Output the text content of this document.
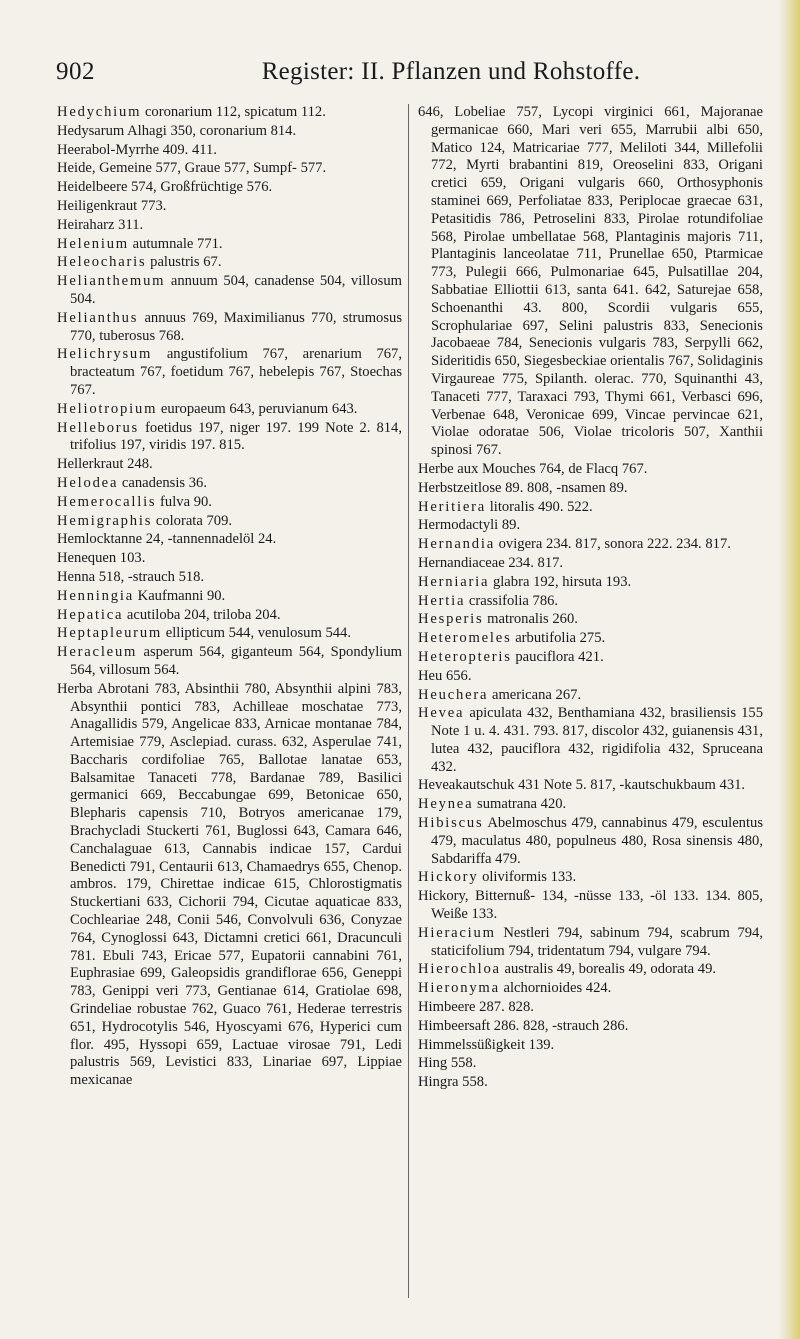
902	Register: II. Pflanzen und Rohstoffe.
Hedychium coronarium 112, spicatum 112.
Hedysarum Alhagi 350, coronarium 814.
Heerabol-Myrrhe 409. 411.
Heide, Gemeine 577, Graue 577, Sumpf- 577.
Heidelbeere 574, Großfrüchtige 576.
Heiligenkraut 773.
Heiraharz 311.
Helenium autumnale 771.
Heleocharis palustris 67.
Helianthemum annuum 504, canadense 504, villosum 504.
Helianthus annuus 769, Maximilianus 770, strumosus 770, tuberosus 768.
Helichrysum angustifolium 767, arenarium 767, bracteatum 767, foetidum 767, hebelepis 767, Stoechas 767.
Heliotropium europaeum 643, peruvianum 643.
Helleborus foetidus 197, niger 197. 199 Note 2. 814, trifolius 197, viridis 197. 815.
Hellerkraut 248.
Helodea canadensis 36.
Hemerocallis fulva 90.
Hemigraphis colorata 709.
Hemlocktanne 24, -tannennadelöl 24.
Henequen 103.
Henna 518, -strauch 518.
Henningia Kaufmanni 90.
Hepatica acutiloba 204, triloba 204.
Heptapleurum ellipticum 544, venulosum 544.
Heracleum asperum 564, giganteum 564, Spondylium 564, villosum 564.
Herba Abrotani 783, Absinthii 780, Absynthii alpini 783, Absynthii pontici 783, Achilleae moschatae 773, Anagallidis 579, Angelicae 833, Arnicae montanae 784, Artemisiae 779, Asclepiad. curass. 632, Asperulae 741, Baccharis cordifoliae 765, Ballotae lanatae 653, Balsamitae Tanaceti 778, Bardanae 789, Basilici germanici 669, Beccabungae 699, Betonicae 650, Blepharis capensis 710, Botryos americanae 179, Brachycladi Stuckerti 761, Buglossi 643, Camara 646, Canchalaguae 613, Cannabis indicae 157, Cardui Benedicti 791, Centaurii 613, Chamaedrys 655, Chenop. ambros. 179, Chirettae indicae 615, Chlorostigmatis Stuckertiani 633, Cichorii 794, Cicutae aquaticae 833, Cochleariae 248, Conii 546, Convolvuli 636, Conyzae 764, Cynoglossi 643, Dictamni cretici 661, Dracunculi 781. Ebuli 743, Ericae 577, Eupatorii cannabini 761, Euphrasiae 699, Galeopsidis grandiflorae 656, Geneppi 783, Genippi veri 773, Gentianae 614, Gratiolae 698, Grindeliae robustae 762, Guaco 761, Hederae terrestris 651, Hydrocotylis 546, Hyoscyami 676, Hyperici cum flor. 495, Hyssopi 659, Lactuae virosae 791, Ledi palustris 569, Levistici 833, Linariae 697, Lippiae mexicanae
646, Lobeliae 757, Lycopi virginici 661, Majoranae germanicae 660, Mari veri 655, Marrubii albi 650, Matico 124, Matricariae 777, Meliloti 344, Millefolii 772, Myrti brabantini 819, Oreoselini 833, Origani cretici 659, Origani vulgaris 660, Orthosyphonis staminei 669, Perfoliatae 833, Periplocae graecae 631, Petasitidis 786, Petroselini 833, Pirolae rotundifoliae 568, Pirolae umbellatae 568, Plantaginis majoris 711, Plantaginis lanceolatae 711, Prunellae 650, Ptarmicae 773, Pulegii 666, Pulmonariae 645, Pulsatillae 204, Sabbatiae Elliottii 613, santa 641. 642, Saturejae 658, Schoenanthi 43. 800, Scordii vulgaris 655, Scrophulariae 697, Selini palustris 833, Senecionis Jacobaeae 784, Senecionis vulgaris 783, Serpylli 662, Sideritidis 650, Siegesbeckiae orientalis 767, Solidaginis Virgaureae 775, Spilanth. olerac. 770, Squinanthi 43, Tanaceti 777, Taraxaci 793, Thymi 661, Verbasci 696, Verbenae 648, Veronicae 699, Vincae pervincae 621, Violae odoratae 506, Violae tricoloris 507, Xanthii spinosi 767.
Herbe aux Mouches 764, de Flacq 767.
Herbstzeitlose 89. 808, -nsamen 89.
Heritiera litoralis 490. 522.
Hermodactyli 89.
Hernandia ovigera 234. 817, sonora 222. 234. 817.
Hernandiaceae 234. 817.
Herniaria glabra 192, hirsuta 193.
Hertia crassifolia 786.
Hesperis matronalis 260.
Heteromeles arbutifolia 275.
Heteropteris pauciflora 421.
Heu 656.
Heuchera americana 267.
Hevea apiculata 432, Benthamiana 432, brasiliensis 155 Note 1 u. 4. 431. 793. 817, discolor 432, guianensis 431, lutea 432, pauciflora 432, rigidifolia 432, Spruceana 432.
Heveakautschuk 431 Note 5. 817, -kautschukbaum 431.
Heynea sumatrana 420.
Hibiscus Abelmoschus 479, cannabinus 479, esculentus 479, maculatus 480, populneus 480, Rosa sinensis 480, Sabdariffa 479.
Hickory oliviformis 133.
Hickory, Bitternuß- 134, -nüsse 133, -öl 133. 134. 805, Weiße 133.
Hieracium Nestleri 794, sabinum 794, scabrum 794, staticifolium 794, tridentatum 794, vulgare 794.
Hierochloa australis 49, borealis 49, odorata 49.
Hieronyma alchornioides 424.
Himbeere 287. 828.
Himbeersaft 286. 828, -strauch 286.
Himmelssüßigkeit 139.
Hing 558.
Hingra 558.
